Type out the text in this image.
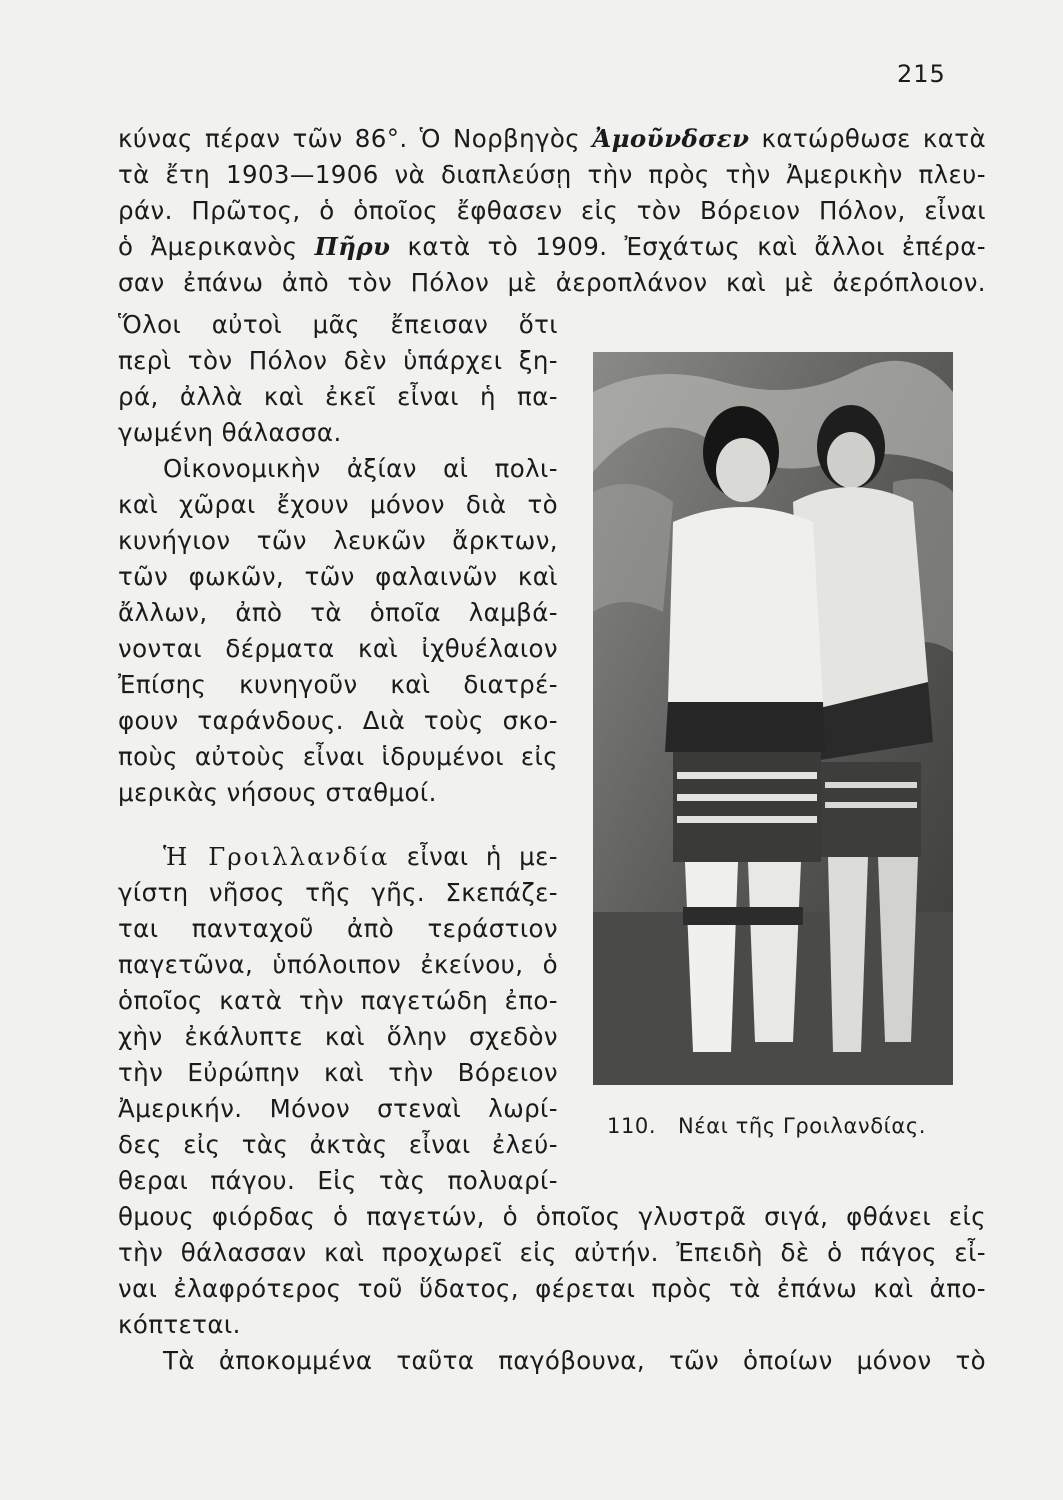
215

κύνας πέραν τῶν 86°. Ὁ Νορβηγὸς Ἀμοῦνδσεν κατώρθωσε κατὰ

τὰ ἔτη 1903—1906 νὰ διαπλεύσῃ τὴν πρὸς τὴν Ἀμερικὴν πλευ-

ράν. Πρῶτος, ὁ ὁποῖος ἔφθασεν εἰς τὸν Βόρειον Πόλον, εἶναι

ὁ Ἀμερικανὸς Πῆρυ κατὰ τὸ 1909. Ἐσχάτως καὶ ἄλλοι ἐπέρα-

σαν ἐπάνω ἀπὸ τὸν Πόλον μὲ ἀεροπλάνον καὶ μὲ ἀερόπλοιον.

Ὅλοι αὐτοὶ μᾶς ἔπεισαν ὅτι

περὶ τὸν Πόλον δὲν ὑπάρχει ξη-

ρά, ἀλλὰ καὶ ἐκεῖ εἶναι ἡ πα-

γωμένη θάλασσα.

Οἰκονομικὴν ἀξίαν αἱ πολι-

καὶ χῶραι ἔχουν μόνον διὰ τὸ

κυνήγιον τῶν λευκῶν ἄρκτων,

τῶν φωκῶν, τῶν φαλαινῶν καὶ

ἄλλων, ἀπὸ τὰ ὁποῖα λαμβά-

νονται δέρματα καὶ ἰχθυέλαιον

Ἐπίσης κυνηγοῦν καὶ διατρέ-

φουν ταράνδους. Διὰ τοὺς σκο-

ποὺς αὐτοὺς εἶναι ἱδρυμένοι εἰς

μερικὰς νήσους σταθμοί.

Ἡ Γροιλλανδία εἶναι ἡ με-

γίστη νῆσος τῆς γῆς. Σκεπάζε-

ται πανταχοῦ ἀπὸ τεράστιον

παγετῶνα, ὑπόλοιπον ἐκείνου, ὁ

ὁποῖος κατὰ τὴν παγετώδη ἐπο-

χὴν ἐκάλυπτε καὶ ὅλην σχεδὸν

τὴν Εὐρώπην καὶ τὴν Βόρειον

Ἀμερικήν. Μόνον στεναὶ λωρί-

δες εἰς τὰς ἀκτὰς εἶναι ἐλεύ-

θεραι πάγου. Εἰς τὰς πολυαρί-

θμους φιόρδας ὁ παγετών, ὁ ὁποῖος γλυστρᾶ σιγά, φθάνει εἰς

τὴν θάλασσαν καὶ προχωρεῖ εἰς αὐτήν. Ἐπειδὴ δὲ ὁ πάγος εἶ-

ναι ἐλαφρότερος τοῦ ὕδατος, φέρεται πρὸς τὰ ἐπάνω καὶ ἀπο-

κόπτεται.

Τὰ ἀποκομμένα ταῦτα παγόβουνα, τῶν ὁποίων μόνον τὸ

110. Νέαι τῆς Γροιλανδίας.
